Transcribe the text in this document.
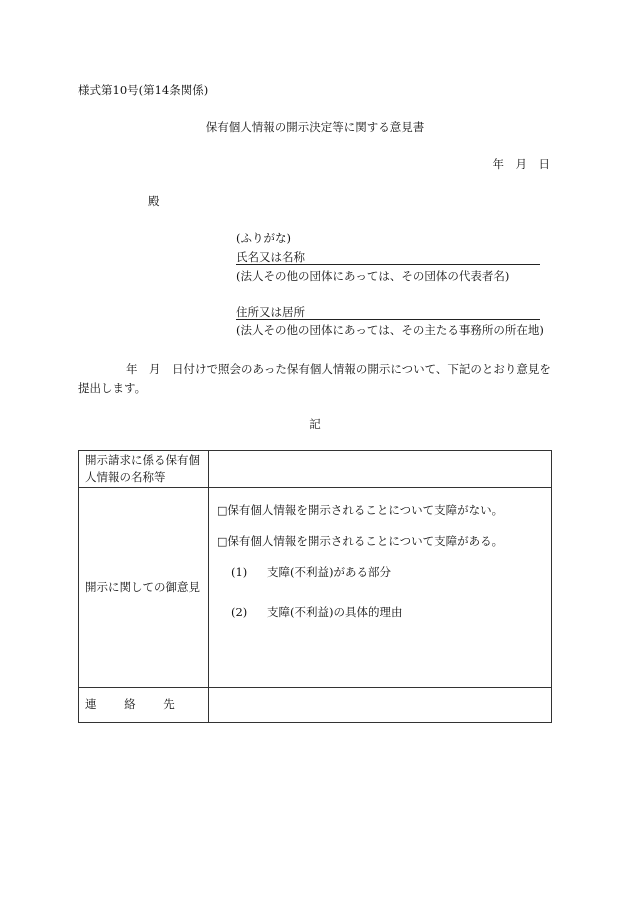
様式第10号(第14条関係)
保有個人情報の開示決定等に関する意見書
年　月　日
殿
(ふりがな)
氏名又は名称
(法人その他の団体にあっては、その団体の代表者名)
住所又は居所
(法人その他の団体にあっては、その主たる事務所の所在地)
年　月　日付けで照会のあった保有個人情報の開示について、下記のとおり意見を提出します。
記
開示請求に係る保有個人情報の名称等	
開示に関しての御意見	□保有個人情報を開示されることについて支障がない。
□保有個人情報を開示されることについて支障がある。
(1) 支障(不利益)がある部分
(2) 支障(不利益)の具体的理由

連 絡 先	
